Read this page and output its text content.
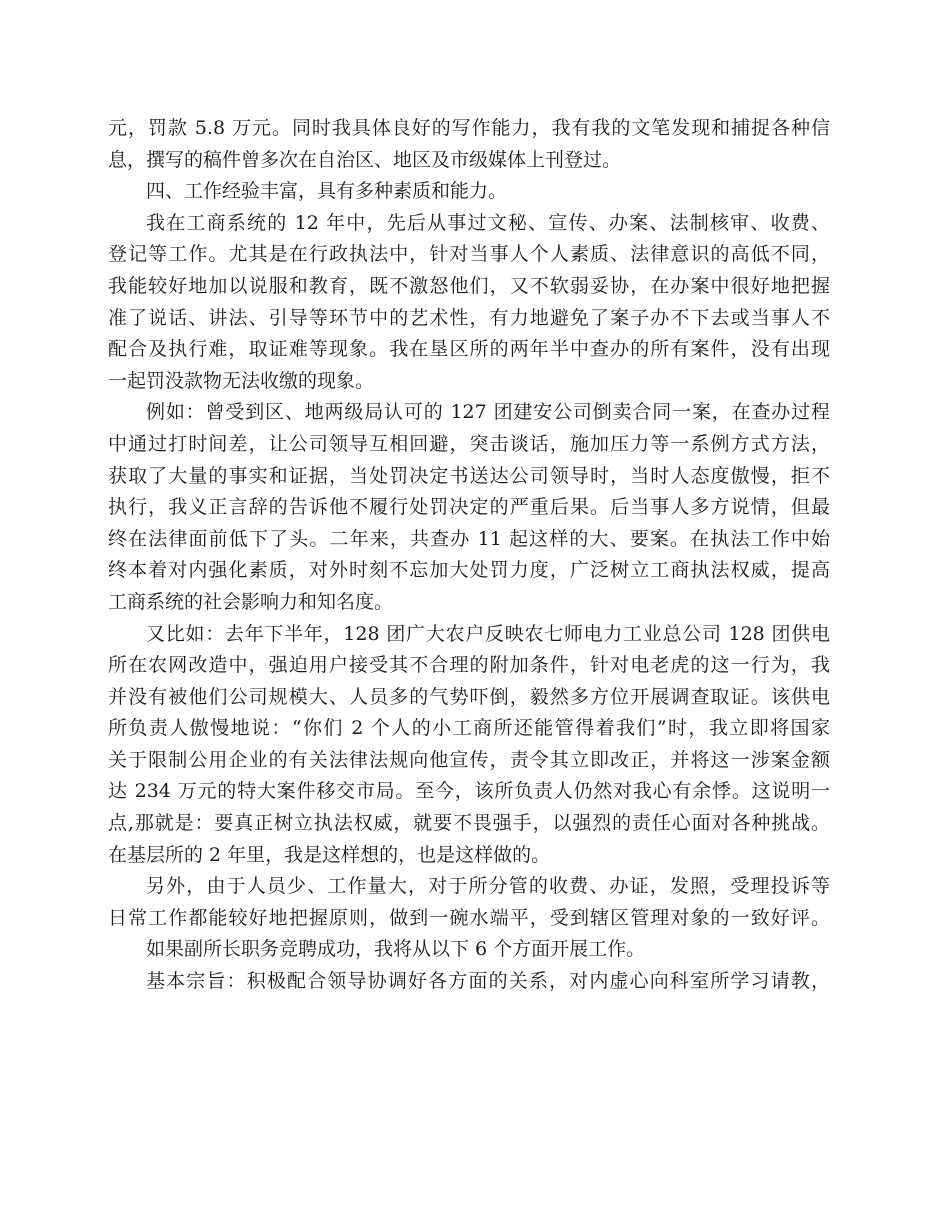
元，罚款 5.8 万元。同时我具体良好的写作能力，我有我的文笔发现和捕捉各种信
息，撰写的稿件曾多次在自治区、地区及市级媒体上刊登过。
四、工作经验丰富，具有多种素质和能力。
我在工商系统的 12 年中，先后从事过文秘、宣传、办案、法制核审、收费、
登记等工作。尤其是在行政执法中，针对当事人个人素质、法律意识的高低不同，
我能较好地加以说服和教育，既不激怒他们，又不软弱妥协，在办案中很好地把握
准了说话、讲法、引导等环节中的艺术性，有力地避免了案子办不下去或当事人不
配合及执行难，取证难等现象。我在垦区所的两年半中查办的所有案件，没有出现
一起罚没款物无法收缴的现象。
例如：曾受到区、地两级局认可的 127 团建安公司倒卖合同一案，在查办过程
中通过打时间差，让公司领导互相回避，突击谈话，施加压力等一系例方式方法，
获取了大量的事实和证据，当处罚决定书送达公司领导时，当时人态度傲慢，拒不
执行，我义正言辞的告诉他不履行处罚决定的严重后果。后当事人多方说情，但最
终在法律面前低下了头。二年来，共查办 11 起这样的大、要案。在执法工作中始
终本着对内强化素质，对外时刻不忘加大处罚力度，广泛树立工商执法权威，提高
工商系统的社会影响力和知名度。
又比如：去年下半年，128 团广大农户反映农七师电力工业总公司 128 团供电
所在农网改造中，强迫用户接受其不合理的附加条件，针对电老虎的这一行为，我
并没有被他们公司规模大、人员多的气势吓倒，毅然多方位开展调查取证。该供电
所负责人傲慢地说：“你们 2 个人的小工商所还能管得着我们”时，我立即将国家
关于限制公用企业的有关法律法规向他宣传，责令其立即改正，并将这一涉案金额
达 234 万元的特大案件移交市局。至今，该所负责人仍然对我心有余悸。这说明一
点,那就是：要真正树立执法权威，就要不畏强手，以强烈的责任心面对各种挑战。
在基层所的 2 年里，我是这样想的，也是这样做的。
另外，由于人员少、工作量大，对于所分管的收费、办证，发照，受理投诉等
日常工作都能较好地把握原则，做到一碗水端平，受到辖区管理对象的一致好评。
如果副所长职务竞聘成功，我将从以下 6 个方面开展工作。
基本宗旨：积极配合领导协调好各方面的关系，对内虚心向科室所学习请教，
